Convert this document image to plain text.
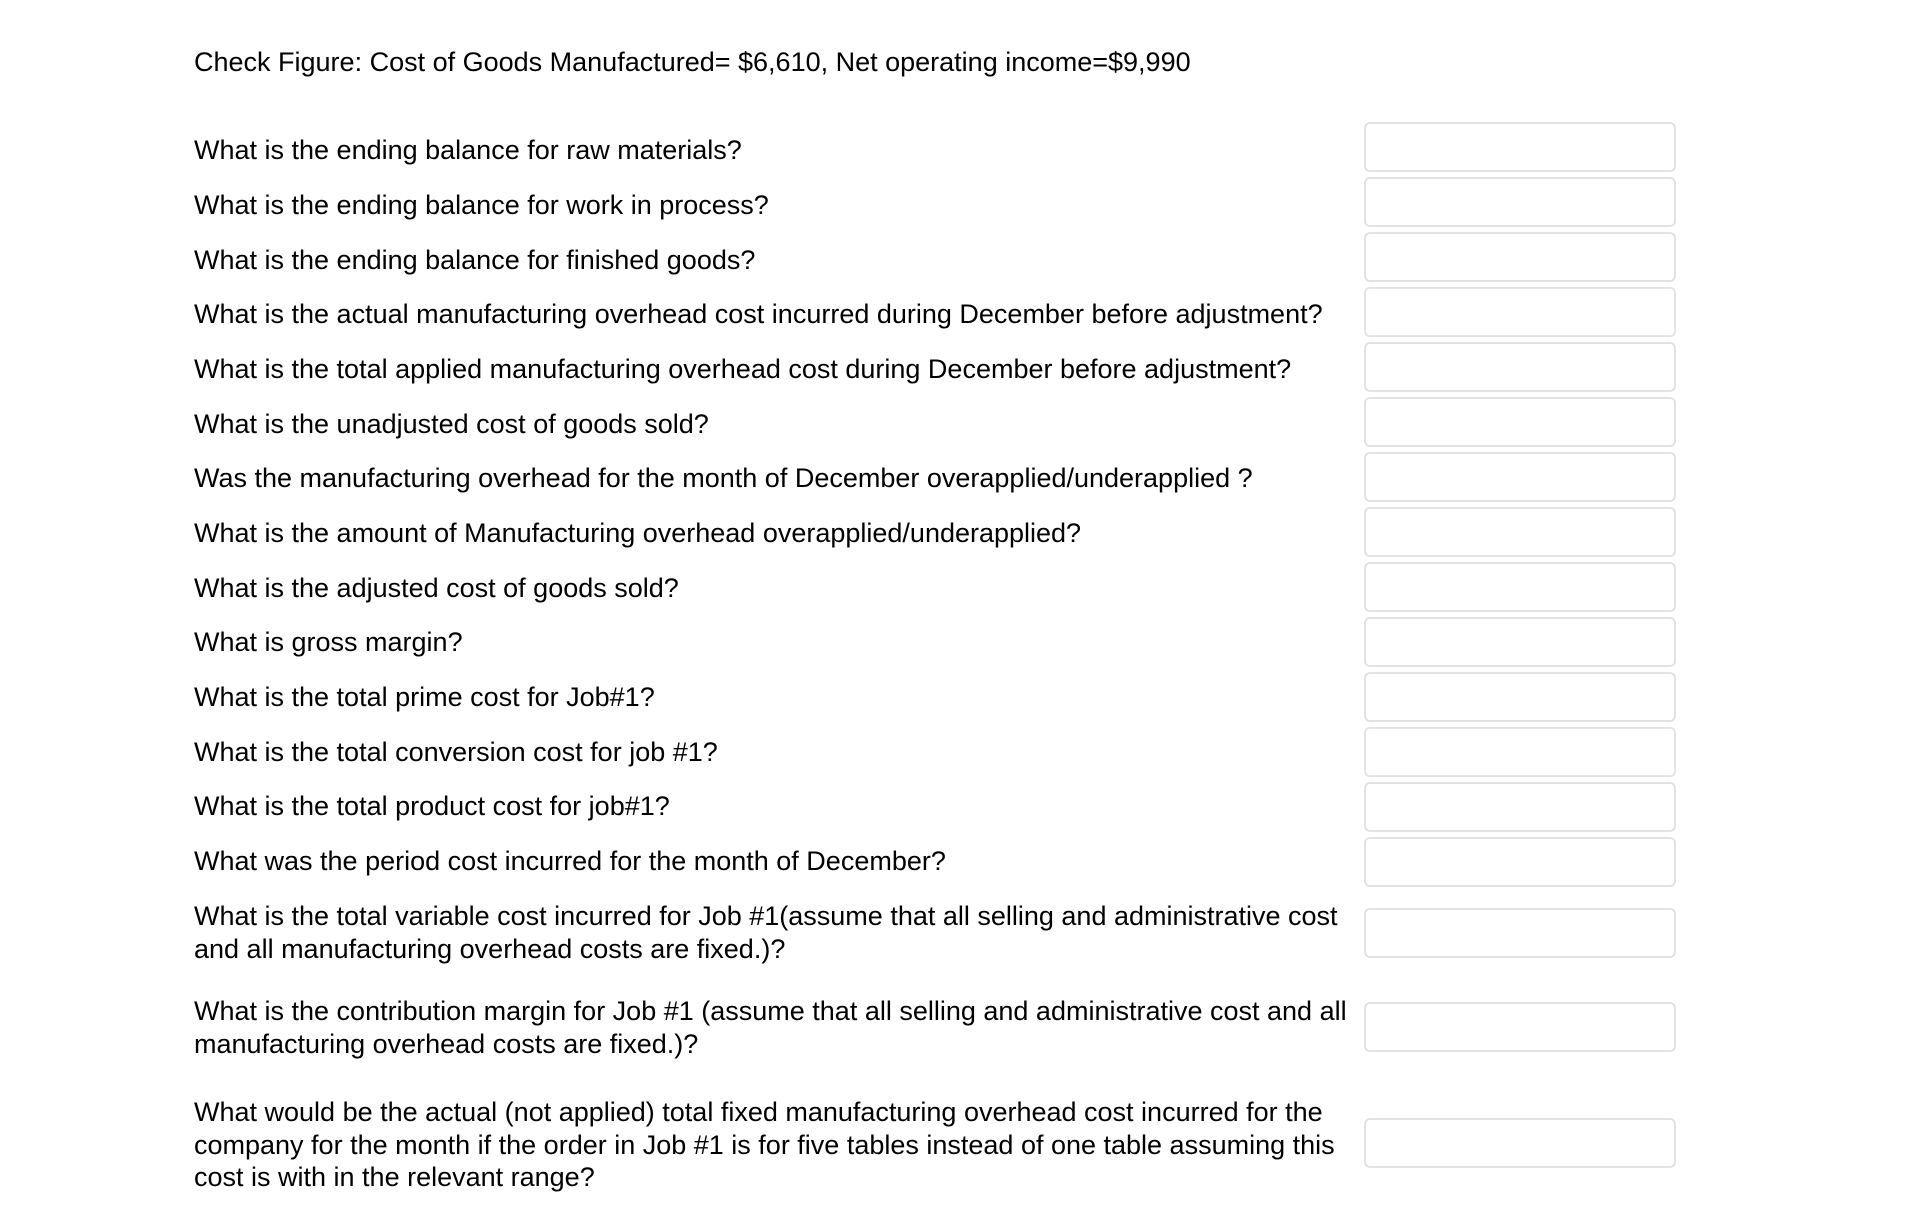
Check Figure: Cost of Goods Manufactured= $6,610, Net operating income=$9,990
What is the ending balance for raw materials?
What is the ending balance for work in process?
What is the ending balance for finished goods?
What is the actual manufacturing overhead cost incurred during December before adjustment?
What is the total applied manufacturing overhead cost during December before adjustment?
What is the unadjusted cost of goods sold?
Was the manufacturing overhead for the month of December overapplied/underapplied ?
What is the amount of Manufacturing overhead overapplied/underapplied?
What is the adjusted cost of goods sold?
What is gross margin?
What is the total prime cost for Job#1?
What is the total conversion cost for job #1?
What is the total product cost for job#1?
What was the period cost incurred for the month of December?
What is the total variable cost incurred for Job #1(assume that all selling and administrative cost and all manufacturing overhead costs are fixed.)?
What is the contribution margin for Job #1 (assume that all selling and administrative cost and all manufacturing overhead costs are fixed.)?
What would be the actual (not applied) total fixed manufacturing overhead cost incurred for the company for the month if the order in Job #1 is for five tables instead of one table assuming this cost is with in the relevant range?
